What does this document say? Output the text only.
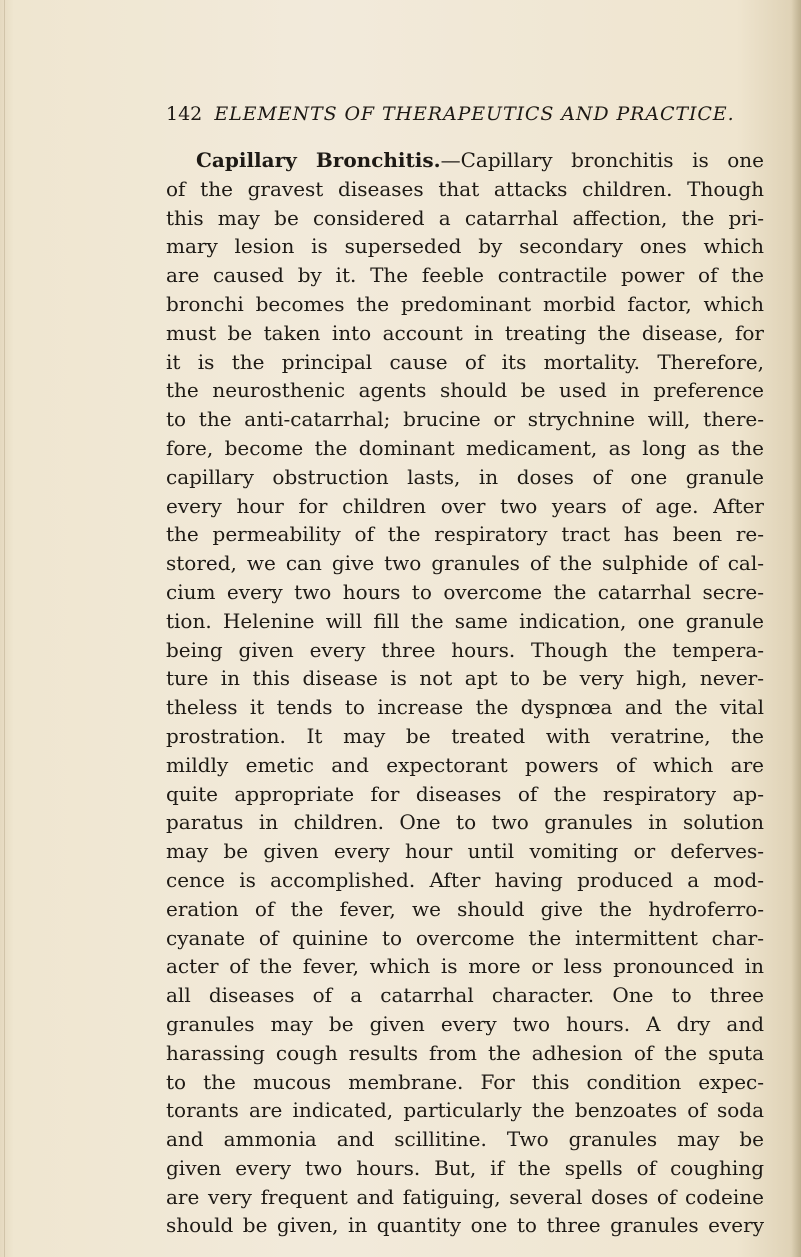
142 ELEMENTS OF THERAPEUTICS AND PRACTICE.
Capillary Bronchitis.—Capillary bronchitis is one
of the gravest diseases that attacks children. Though
this may be considered a catarrhal affection, the pri-
mary lesion is superseded by secondary ones which
are caused by it. The feeble contractile power of the
bronchi becomes the predominant morbid factor, which
must be taken into account in treating the disease, for
it is the principal cause of its mortality. Therefore,
the neurosthenic agents should be used in preference
to the anti-catarrhal; brucine or strychnine will, there-
fore, become the dominant medicament, as long as the
capillary obstruction lasts, in doses of one granule
every hour for children over two years of age. After
the permeability of the respiratory tract has been re-
stored, we can give two granules of the sulphide of cal-
cium every two hours to overcome the catarrhal secre-
tion. Helenine will fill the same indication, one granule
being given every three hours. Though the tempera-
ture in this disease is not apt to be very high, never-
theless it tends to increase the dyspnœa and the vital
prostration. It may be treated with veratrine, the
mildly emetic and expectorant powers of which are
quite appropriate for diseases of the respiratory ap-
paratus in children. One to two granules in solution
may be given every hour until vomiting or deferves-
cence is accomplished. After having produced a mod-
eration of the fever, we should give the hydroferro-
cyanate of quinine to overcome the intermittent char-
acter of the fever, which is more or less pronounced in
all diseases of a catarrhal character. One to three
granules may be given every two hours. A dry and
harassing cough results from the adhesion of the sputa
to the mucous membrane. For this condition expec-
torants are indicated, particularly the benzoates of soda
and ammonia and scillitine. Two granules may be
given every two hours. But, if the spells of coughing
are very frequent and fatiguing, several doses of codeine
should be given, in quantity one to three granules every
